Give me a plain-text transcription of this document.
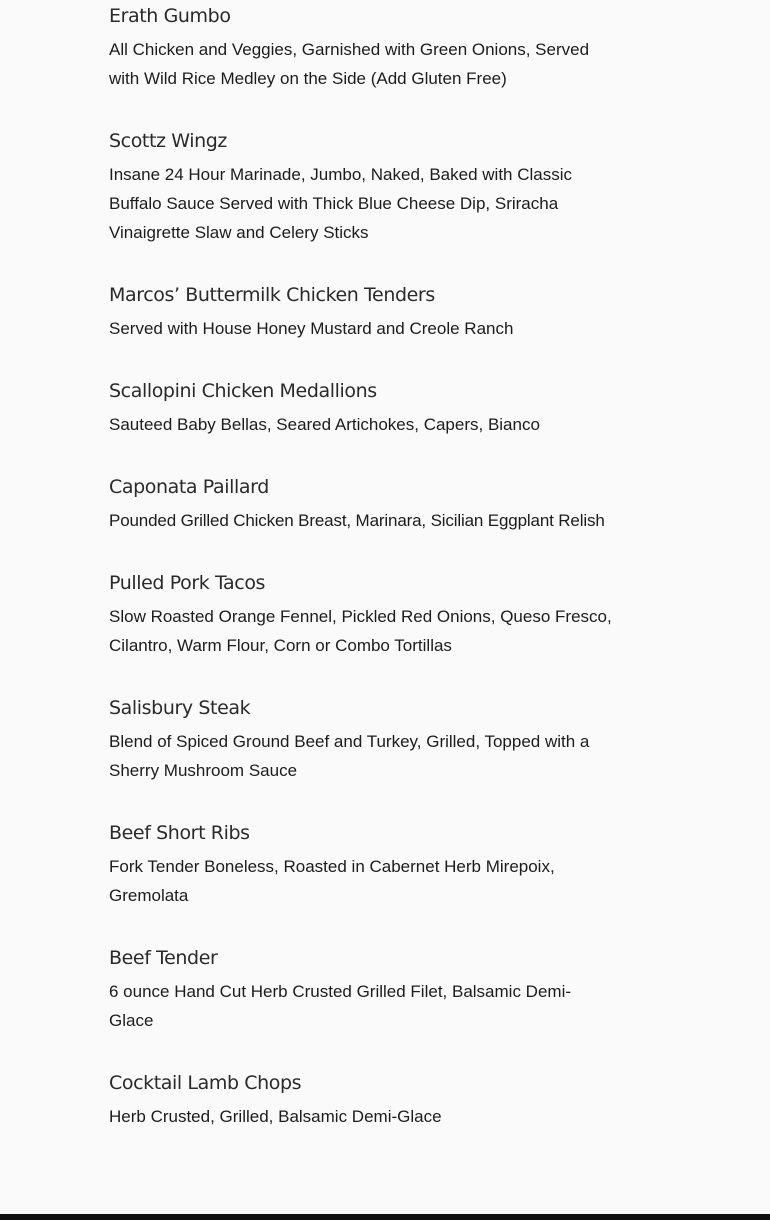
Erath Gumbo

All Chicken and Veggies, Garnished with Green Onions, Served with Wild Rice Medley on the Side (Add Gluten Free)

Scottz Wingz

Insane 24 Hour Marinade, Jumbo, Naked, Baked with Classic Buffalo Sauce Served with Thick Blue Cheese Dip, Sriracha Vinaigrette Slaw and Celery Sticks

Marcos’ Buttermilk Chicken Tenders

Served with House Honey Mustard and Creole Ranch

Scallopini Chicken Medallions

Sauteed Baby Bellas, Seared Artichokes, Capers, Bianco

Caponata Paillard

Pounded Grilled Chicken Breast, Marinara, Sicilian Eggplant Relish

Pulled Pork Tacos

Slow Roasted Orange Fennel, Pickled Red Onions, Queso Fresco, Cilantro, Warm Flour, Corn or Combo Tortillas

Salisbury Steak

Blend of Spiced Ground Beef and Turkey, Grilled, Topped with a Sherry Mushroom Sauce

Beef Short Ribs

Fork Tender Boneless, Roasted in Cabernet Herb Mirepoix, Gremolata

Beef Tender

6 ounce Hand Cut Herb Crusted Grilled Filet, Balsamic Demi-Glace

Cocktail Lamb Chops

Herb Crusted, Grilled, Balsamic Demi-Glace
